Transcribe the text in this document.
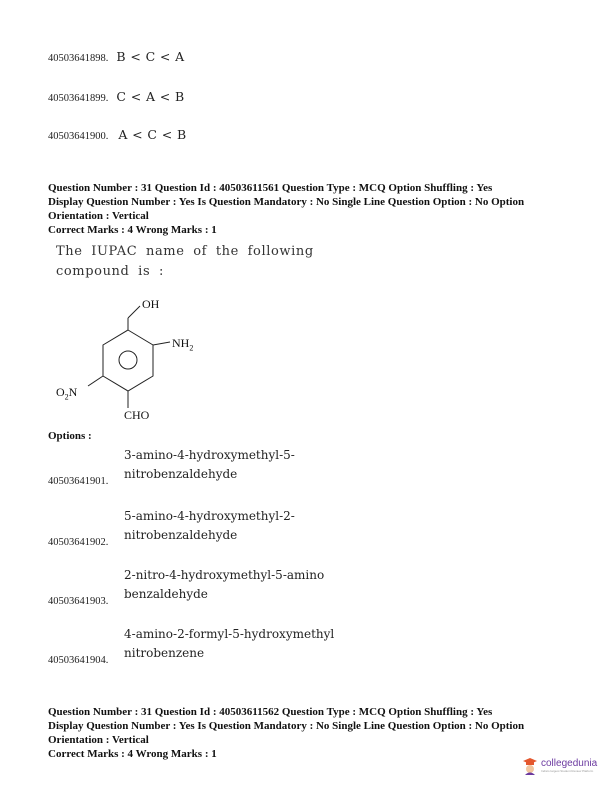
40503641898. B < C < A
40503641899. C < A < B
40503641900. A < C < B
Question Number : 31 Question Id : 40503611561 Question Type : MCQ Option Shuffling : Yes
Display Question Number : Yes Is Question Mandatory : No Single Line Question Option : No Option
Orientation : Vertical
Correct Marks : 4 Wrong Marks : 1
The IUPAC name of the following
compound is :
OH
$NH_2$
$O_2N$
CHO
Options :
3-amino-4-hydroxymethyl-5-
nitrobenzaldehyde
40503641901.
5-amino-4-hydroxymethyl-2-
nitrobenzaldehyde
40503641902.
2-nitro-4-hydroxymethyl-5-amino
benzaldehyde
40503641903.
4-amino-2-formyl-5-hydroxymethyl
nitrobenzene
40503641904.
Question Number : 31 Question Id : 40503611562 Question Type : MCQ Option Shuffling : Yes
Display Question Number : Yes Is Question Mandatory : No Single Line Question Option : No Option
Orientation : Vertical
Correct Marks : 4 Wrong Marks : 1
collegedunia
India's largest Student Review Platform
